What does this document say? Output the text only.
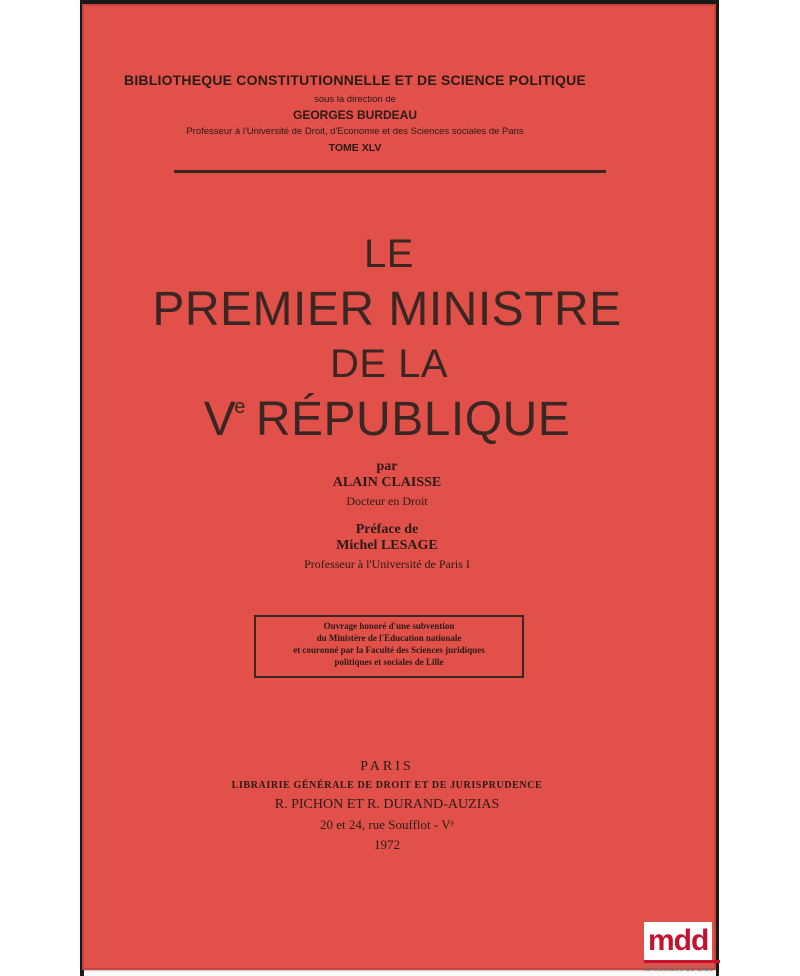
BIBLIOTHEQUE CONSTITUTIONNELLE ET DE SCIENCE POLITIQUE
sous la direction de
GEORGES BURDEAU
Professeur à l'Université de Droit, d'Economie et des Sciences sociales de Paris
TOME XLV
LE
PREMIER MINISTRE
DE LA
Ve RÉPUBLIQUE
par
ALAIN CLAISSE
Docteur en Droit
Préface de
Michel LESAGE
Professeur à l'Université de Paris I
Ouvrage honoré d'une subvention
du Ministère de l'Education nationale
et couronné par la Faculté des Sciences juridiques
politiques et sociales de Lille
PARIS
LIBRAIRIE GÉNÉRALE DE DROIT ET DE JURISPRUDENCE
R. PICHON ET R. DURAND-AUZIAS
20 et 24, rue Soufflot - Vᵉ
1972
mdd
la mémoire du droit
